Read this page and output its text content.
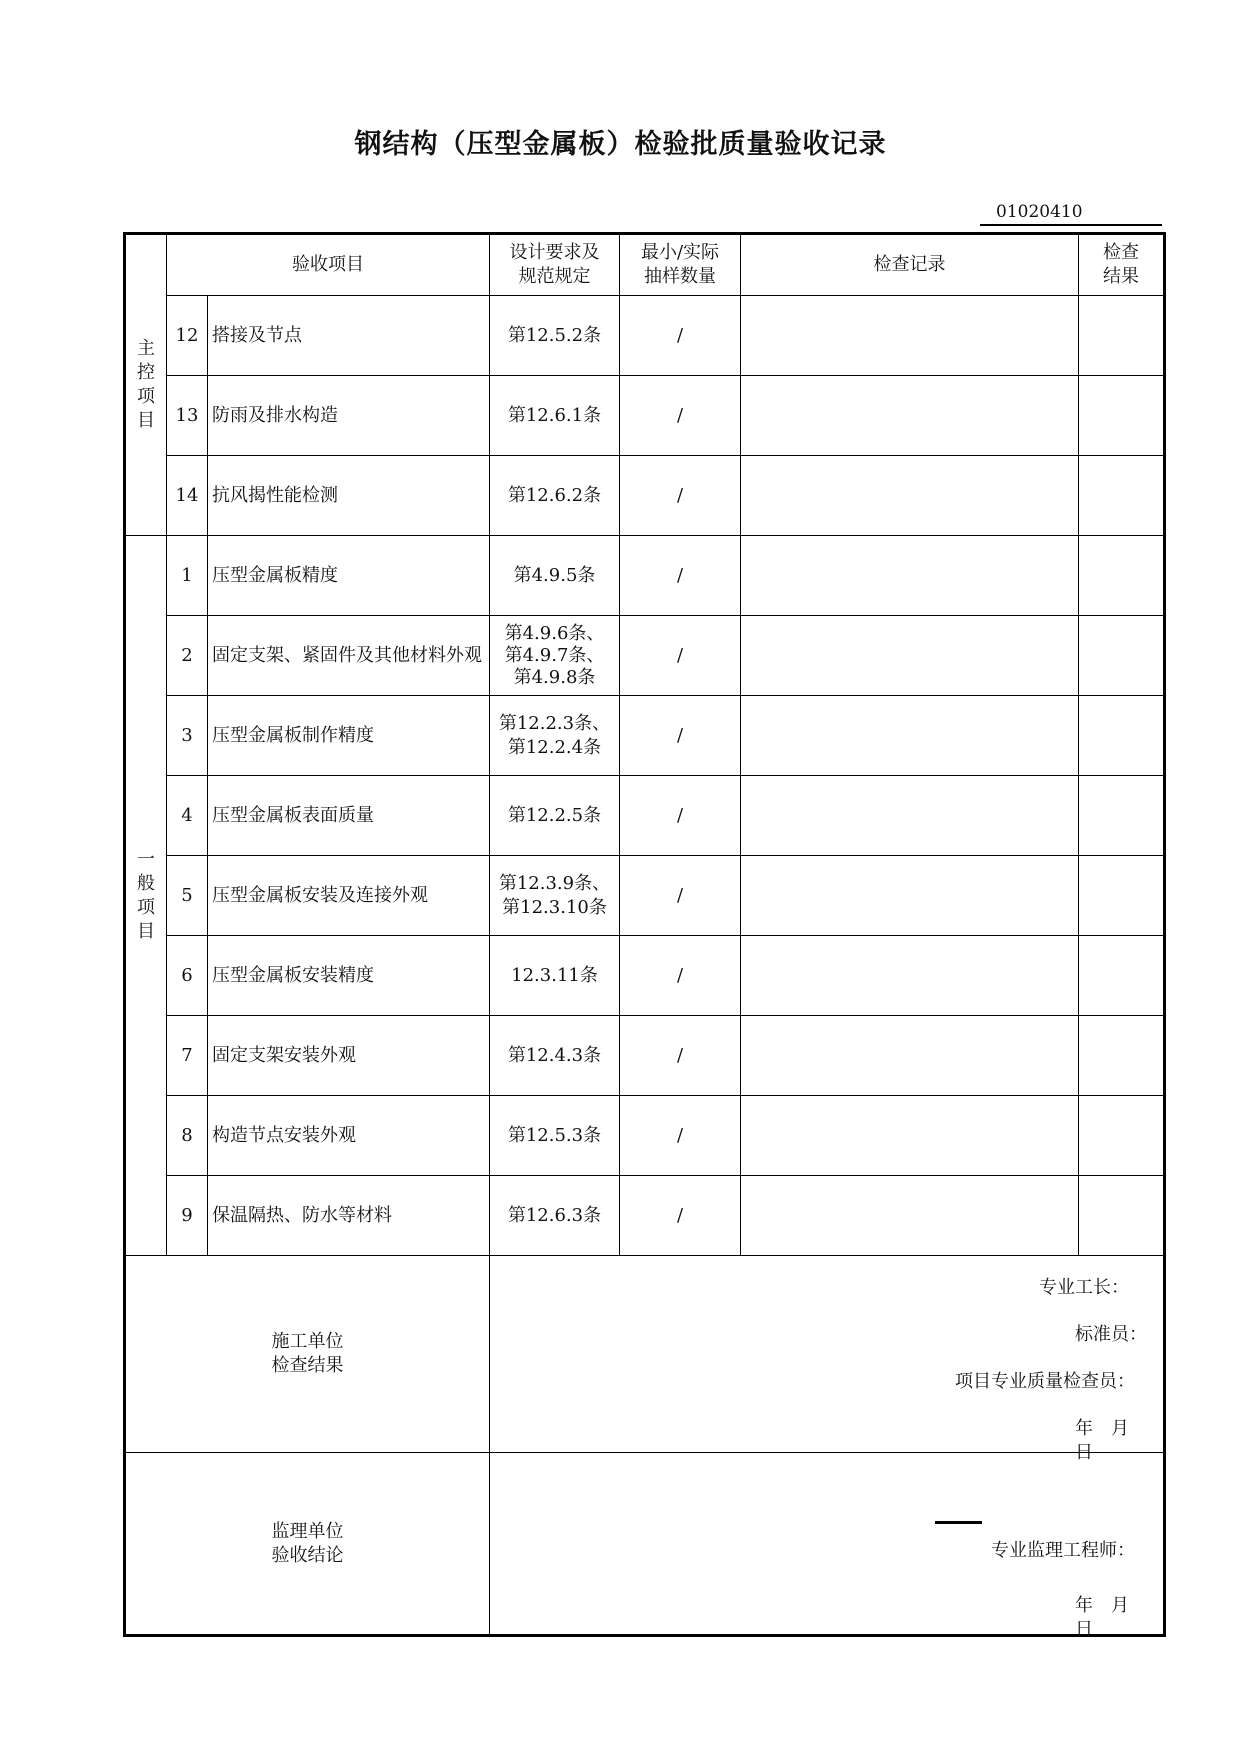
钢结构（压型金属板）检验批质量验收记录
01020410
主
控
项
目	验收项目		设计要求及
规范规定	最小/实际
抽样数量	检查记录	检查
结果
	12	搭接及节点	第12.5.2条	/		
	13	防雨及排水构造	第12.6.1条	/		
	14	抗风揭性能检测	第12.6.2条	/		

一
般
项
目	1	压型金属板精度	第4.9.5条	/		
	2	固定支架、紧固件及其他材料外观	第4.9.6条、
第4.9.7条、
第4.9.8条	/		
	3	压型金属板制作精度	第12.2.3条、
第12.2.4条	/		
	4	压型金属板表面质量	第12.2.5条	/		
	5	压型金属板安装及连接外观	第12.3.9条、
第12.3.10条	/		
	6	压型金属板安装精度	12.3.11条	/		
	7	固定支架安装外观	第12.4.3条	/		
	8	构造节点安装外观	第12.5.3条	/		
	9	保温隔热、防水等材料	第12.6.3条	/		
施工单位
检查结果			专业工长：
标准员：
项目专业质量检查员：
年　月　日			

监理单位
验收结论			专业监理工程师：
年　月　日			
